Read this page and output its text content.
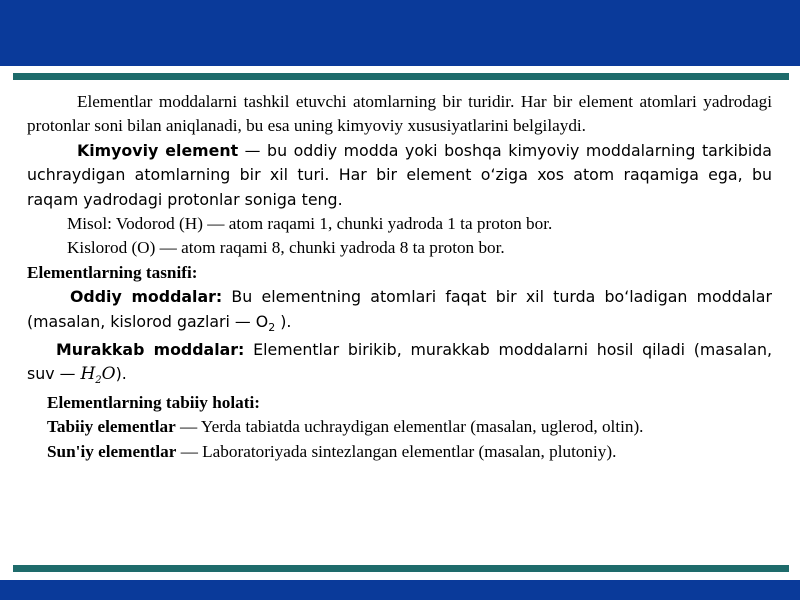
Elementlar moddalarni tashkil etuvchi atomlarning bir turidir. Har bir element atomlari yadrodagi protonlar soni bilan aniqlanadi, bu esa uning kimyoviy xususiyatlarini belgilaydi.

Kimyoviy element — bu oddiy modda yoki boshqa kimyoviy moddalarning tarkibida uchraydigan atomlarning bir xil turi. Har bir element o‘ziga xos atom raqamiga ega, bu raqam yadrodagi protonlar soniga teng.

Misol: Vodorod (H) — atom raqami 1, chunki yadroda 1 ta proton bor.

Kislorod (O) — atom raqami 8, chunki yadroda 8 ta proton bor.

Elementlarning tasnifi:

Oddiy moddalar: Bu elementning atomlari faqat bir xil turda bo‘ladigan moddalar (masalan, kislorod gazlari — $O_2$ ).

Murakkab moddalar: Elementlar birikib, murakkab moddalarni hosil qiladi (masalan, suv — $H_2O$).

Elementlarning tabiiy holati:

Tabiiy elementlar — Yerda tabiatda uchraydigan elementlar (masalan, uglerod, oltin).

Sun'iy elementlar — Laboratoriyada sintezlangan elementlar (masalan, plutoniy).
